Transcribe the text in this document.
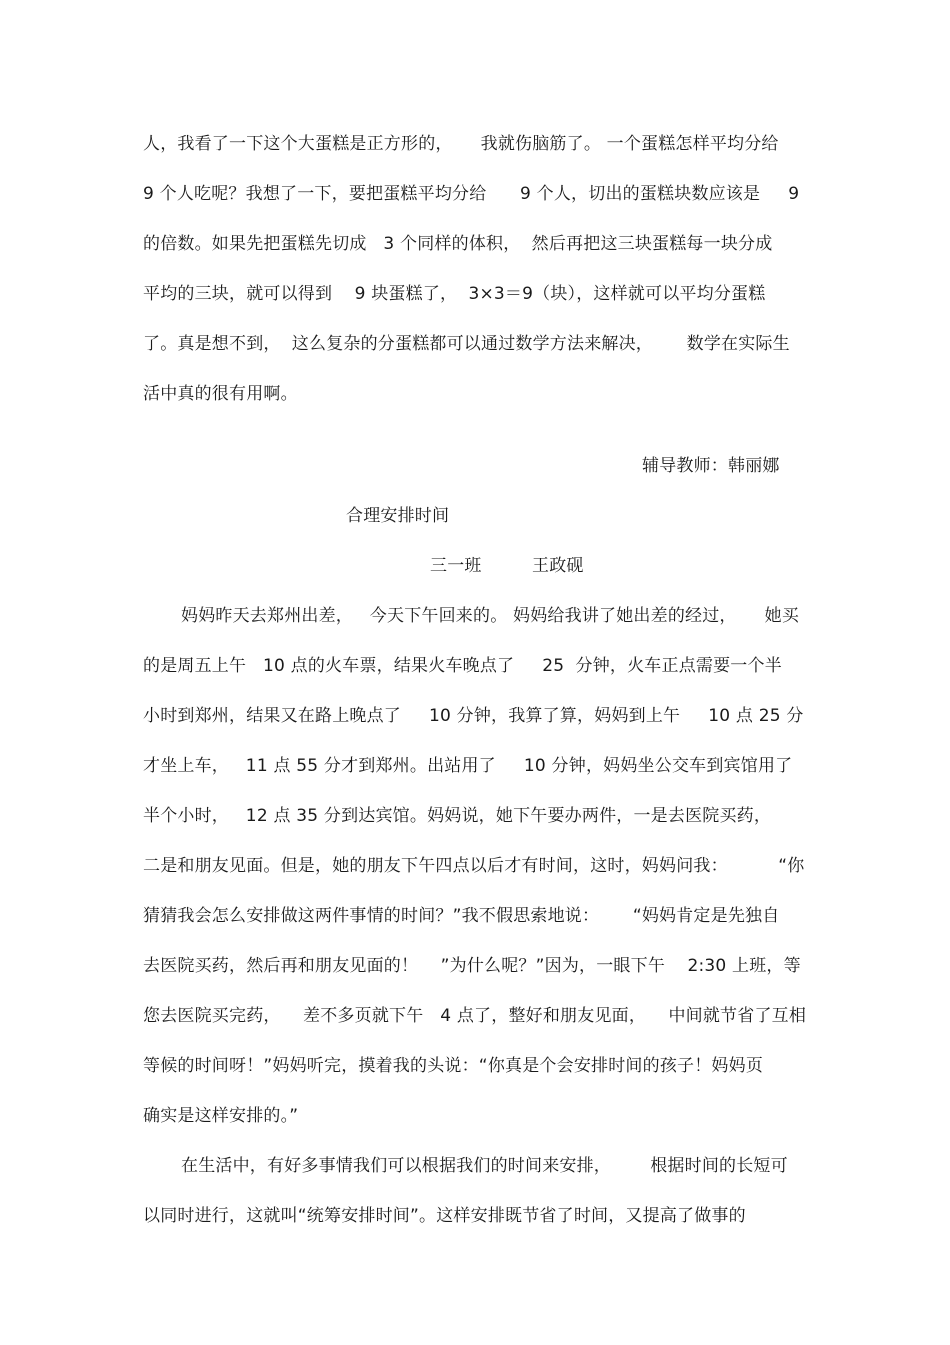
人，我看了一下这个大蛋糕是正方形的，     我就伤脑筋了。 一个蛋糕怎样平均分给
9 个人吃呢？我想了一下，要把蛋糕平均分给      9 个人，切出的蛋糕块数应该是     9
的倍数。如果先把蛋糕先切成   3 个同样的体积，  然后再把这三块蛋糕每一块分成
平均的三块，就可以得到    9 块蛋糕了，  3×3＝9（块），这样就可以平均分蛋糕
了。真是想不到，  这么复杂的分蛋糕都可以通过数学方法来解决，      数学在实际生
活中真的很有用啊。
辅导教师：韩丽娜
合理安排时间
三一班         王政砚
妈妈昨天去郑州出差，   今天下午回来的。 妈妈给我讲了她出差的经过，     她买
的是周五上午   10 点的火车票，结果火车晚点了     25  分钟，火车正点需要一个半
小时到郑州，结果又在路上晚点了     10 分钟，我算了算，妈妈到上午     10 点 25 分
才坐上车，   11 点 55 分才到郑州。出站用了     10 分钟，妈妈坐公交车到宾馆用了
半个小时，   12 点 35 分到达宾馆。妈妈说，她下午要办两件，一是去医院买药，
二是和朋友见面。但是，她的朋友下午四点以后才有时间，这时，妈妈问我：         “你
猜猜我会怎么安排做这两件事情的时间？”我不假思索地说：      “妈妈肯定是先独自
去医院买药，然后再和朋友见面的！    ”为什么呢？”因为，一眼下午    2:30 上班，等
您去医院买完药，    差不多页就下午   4 点了，整好和朋友见面，    中间就节省了互相
等候的时间呀！”妈妈听完，摸着我的头说：“你真是个会安排时间的孩子！妈妈页
确实是这样安排的。”
在生活中，有好多事情我们可以根据我们的时间来安排，       根据时间的长短可
以同时进行，这就叫“统筹安排时间”。这样安排既节省了时间，又提高了做事的
